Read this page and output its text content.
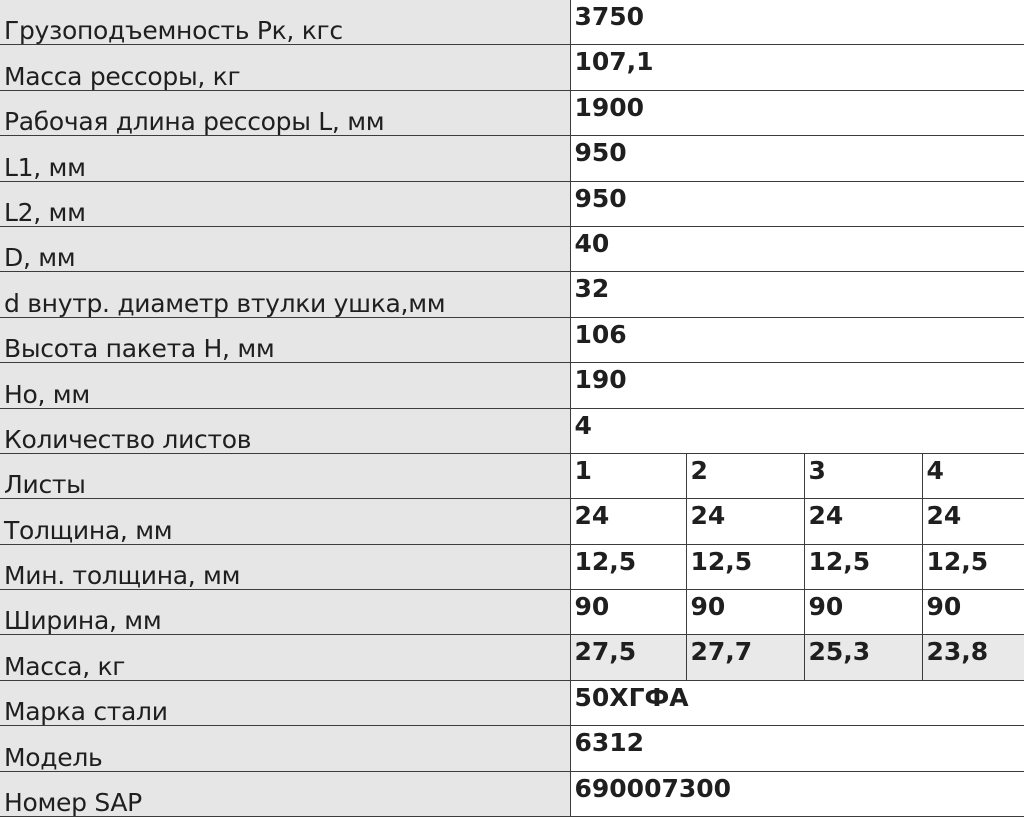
Грузоподъемность Рк, кгс	3750			
Масса рессоры, кг	107,1			
Рабочая длина рессоры L, мм	1900			
L1, мм	950			
L2, мм	950			
D, мм	40			
d внутр. диаметр втулки ушка,мм	32			
Высота пакета H, мм	106			
Hо, мм	190			
Количество листов	4			
Листы	1	2	3	4
Толщина, мм	24	24	24	24
Мин. толщина, мм	12,5	12,5	12,5	12,5
Ширина, мм	90	90	90	90
Масса, кг	27,5	27,7	25,3	23,8
Марка стали	50ХГФА			
Модель	6312			
Номер SAP	690007300			
